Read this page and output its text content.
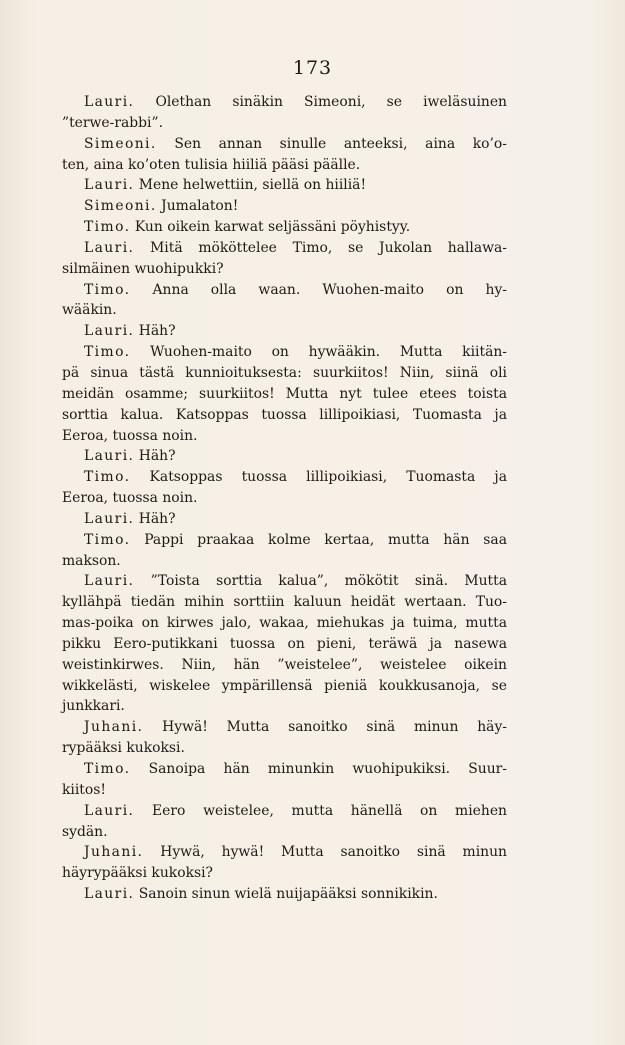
173
Lauri. Olethan sinäkin Simeoni, se iweläsuinen
”terwe-rabbi”.
Simeoni. Sen annan sinulle anteeksi, aina ko’o-
ten, aina ko’oten tulisia hiiliä pääsi päälle.
Lauri. Mene helwettiin, siellä on hiiliä!
Simeoni. Jumalaton!
Timo. Kun oikein karwat seljässäni pöyhistyy.
Lauri. Mitä mököttelee Timo, se Jukolan hallawa-
silmäinen wuohipukki?
Timo. Anna olla waan. Wuohen-maito on hy-
wääkin.
Lauri. Häh?
Timo. Wuohen-maito on hywääkin. Mutta kiitän-
pä sinua tästä kunnioituksesta: suurkiitos! Niin, siinä oli
meidän osamme; suurkiitos! Mutta nyt tulee etees toista
sorttia kalua. Katsoppas tuossa lillipoikiasi, Tuomasta ja
Eeroa, tuossa noin.
Lauri. Häh?
Timo. Katsoppas tuossa lillipoikiasi, Tuomasta ja
Eeroa, tuossa noin.
Lauri. Häh?
Timo. Pappi praakaa kolme kertaa, mutta hän saa
makson.
Lauri. ”Toista sorttia kalua”, mökötit sinä. Mutta
kyllähpä tiedän mihin sorttiin kaluun heidät wertaan. Tuo-
mas-poika on kirwes jalo, wakaa, miehukas ja tuima, mutta
pikku Eero-putikkani tuossa on pieni, teräwä ja nasewa
weistinkirwes. Niin, hän ”weistelee”, weistelee oikein
wikkelästi, wiskelee ympärillensä pieniä koukkusanoja, se
junkkari.
Juhani. Hywä! Mutta sanoitko sinä minun häy-
rypääksi kukoksi.
Timo. Sanoipa hän minunkin wuohipukiksi. Suur-
kiitos!
Lauri. Eero weistelee, mutta hänellä on miehen
sydän.
Juhani. Hywä, hywä! Mutta sanoitko sinä minun
häyrypääksi kukoksi?
Lauri. Sanoin sinun wielä nuijapääksi sonnikikin.
